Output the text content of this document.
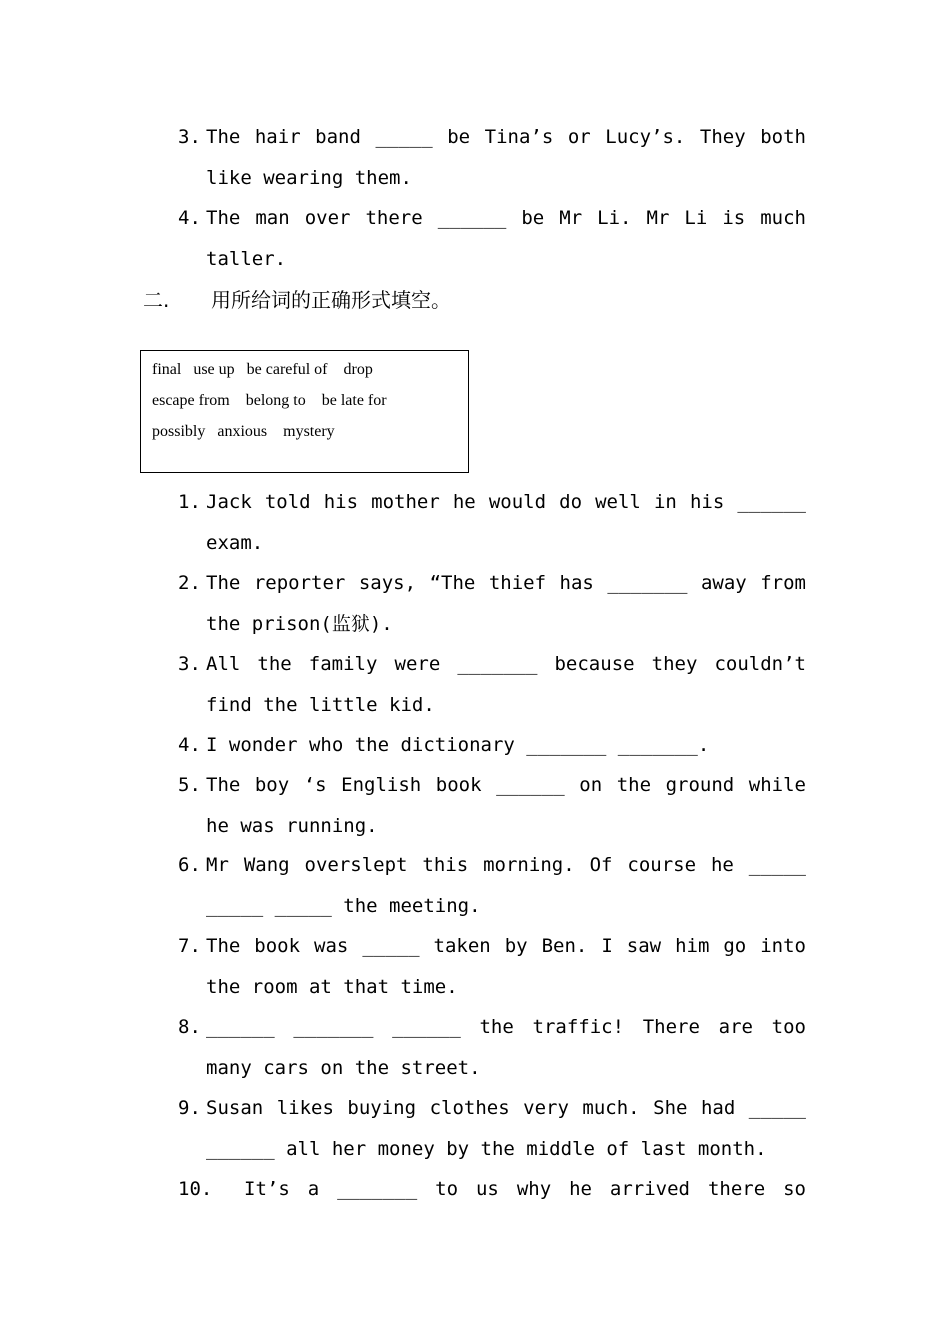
3. The hair band _____ be Tina’s or Lucy’s. They both like wearing them.
4. The man over there ______ be Mr Li. Mr Li is much taller.
二. 用所给词的正确形式填空。
final   use up   be careful of    drop
escape from    belong to    be late for
possibly   anxious    mystery
1. Jack told his mother he would do well in his ______ exam.
2. The reporter says, “The thief has _______ away from the prison(监狱).
3. All the family were _______ because they couldn’t find the little kid.
4. I wonder who the dictionary _______ _______.
5. The boy ‘s English book ______ on the ground while he was running.
6. Mr Wang overslept this morning. Of course he _____ _____ _____ the meeting.
7. The book was _____ taken by Ben. I saw him go into the room at that time.
8. ______ _______ ______ the traffic! There are too many cars on the street.
9. Susan likes buying clothes very much. She had _____ ______ all her money by the middle of last month.
10. It’s a _______ to us why he arrived there so
